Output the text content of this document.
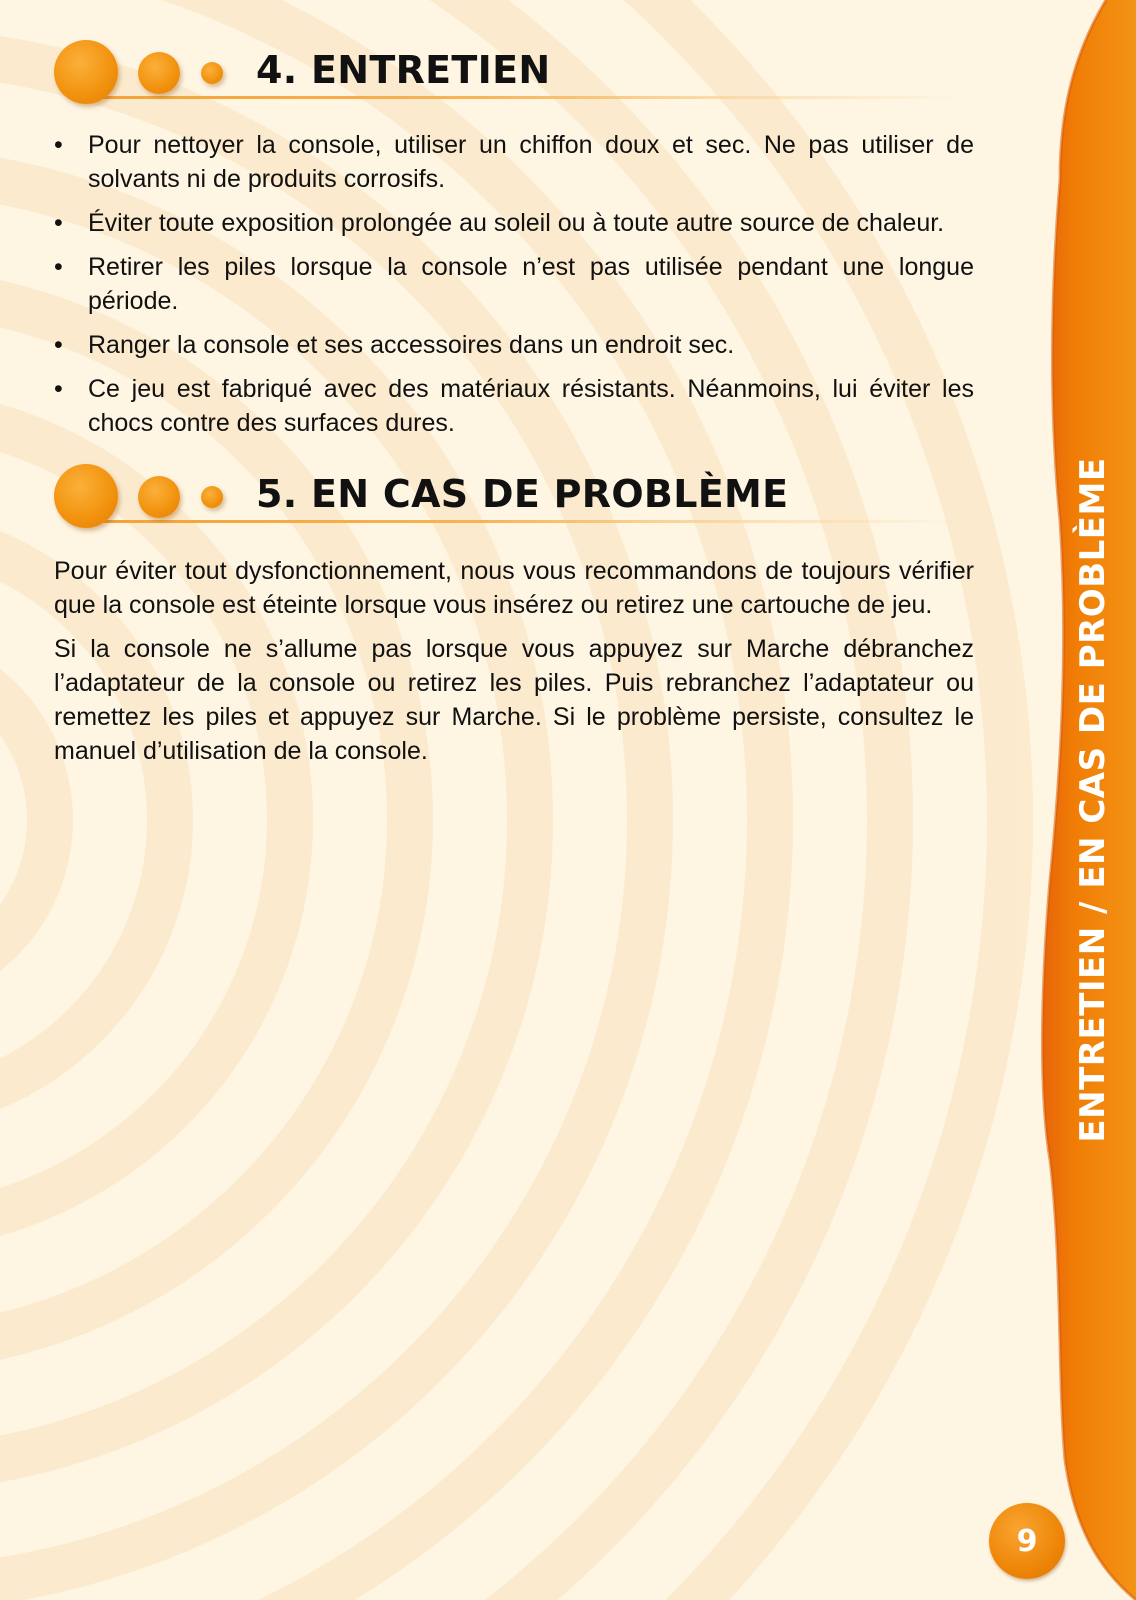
ENTRETIEN / EN CAS DE PROBLÈME
9
4. ENTRETIEN
• Pour nettoyer la console, utiliser un chiffon doux et sec. Ne pas utiliser de solvants ni de produits corrosifs.
• Éviter toute exposition prolongée au soleil ou à toute autre source de chaleur.
• Retirer les piles lorsque la console n’est pas utilisée pendant une longue période.
• Ranger la console et ses accessoires dans un endroit sec.
• Ce jeu est fabriqué avec des matériaux résistants. Néanmoins, lui éviter les chocs contre des surfaces dures.
5. EN CAS DE PROBLÈME

Pour éviter tout dysfonctionnement, nous vous recommandons de toujours vérifier que la console est éteinte lorsque vous insérez ou retirez une cartouche de jeu.

Si la console ne s’allume pas lorsque vous appuyez sur Marche débranchez l’adaptateur de la console ou retirez les piles. Puis rebranchez l’adaptateur ou remettez les piles et appuyez sur Marche. Si le problème persiste, consultez le manuel d’utilisation de la console.
